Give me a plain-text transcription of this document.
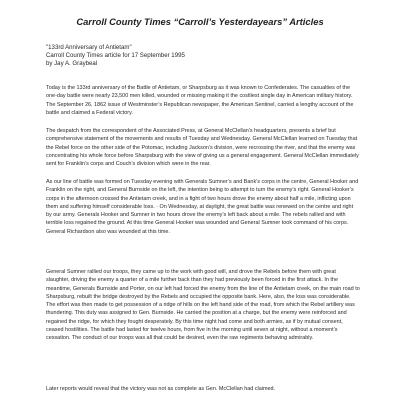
Carroll County Times “Carroll’s Yesterdayears” Articles
"133rd Anniversary of Antietam"
Carroll County Times article for 17 September 1995
by Jay A. Graybeal

Today is the 133rd anniversary of the Battle of Antietam, or Sharpsburg as it was known to Confederates. The casualties of the one-day battle were nearly 23,500 men killed, wounded or missing making it the costliest single day in American military history. The September 26, 1862 issue of Westminster’s Republican newspaper, the American Sentinel, carried a lengthy account of the battle and claimed a Federal victory.

The despatch from the correspondent of the Associated Press, at General McClellan’s headquarters, presents a brief but comprehensive statement of the movements and results of Tuesday and Wednesday. General McClellan learned on Tuesday that the Rebel force on the other side of the Potomac, including Jackson’s division, were recrossing the river, and that the enemy was concentrating his whole force before Sharpsburg with the view of giving us a general engagement. General McClellan immediately sent for Franklin’s corps and Couch’s division which were in the rear.

As our line of battle was formed on Tuesday evening with Generals Sumner’s and Bank’s corps in the centre, General Hooker and Franklin on the right, and General Burnside on the left, the intention being to attempt to turn the enemy’s right. General Hooker’s corps in the afternoon crossed the Antietam creek, and in a fight of two hours drove the enemy about half a mile, inflicting upon them and suffering himself considerable loss. · On Wednesday, at daylight, the great battle was renewed on the centre and right by our army. Generals Hooker and Sumner in two hours drove the enemy’s left back about a mile. The rebels rallied and with terrible loss regained the ground. At this time General Hooker was wounded and General Sumner took command of his corps. General Richardson also was wounded at this time.

General Sumner rallied our troops, they came up to the work with good will, and drove the Rebels before them with great slaughter, driving the enemy a quarter of a mile further back than they had previously been forced in the first attack. In the meantime, Generals Burnside and Porter, on our left had forced the enemy from the line of the Antietam creek, on the main road to Sharpsburg, rebuilt the bridge destroyed by the Rebels and occupied the opposite bank. Here, also, the loss was considerable. The effort was then made to get possession of a ridge of hills on the left hand side of the road, from which the Rebel artillery was thundering. This duty was assigned to Gen. Burnside. He carried the position at a charge, but the enemy were reinforced and regained the ridge, for which they fought desperately. By this time night had come and both armies, as if by mutual consent, ceased hostilities. The battle had lasted for twelve hours, from five in the morning until seven at night, without a moment’s cessation. The conduct of our troops was all that could be desired, even the raw regiments behaving admirably.

Later reports would reveal that the victory was not as complete as Gen. McClellan had claimed.
